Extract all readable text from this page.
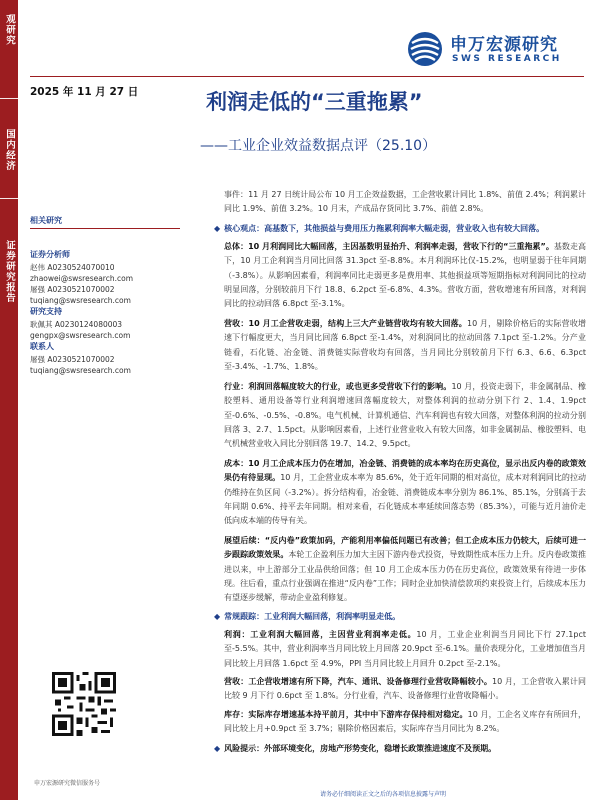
观研究
国内经济
证券研究报告
申万宏源研究
SWS RESEARCH
2025 年 11 月 27 日	利润走低的“三重拖累”
——工业企业效益数据点评（25.10）
相关研究
证券分析师
赵伟 A0230524070010
zhaowei@swsresearch.com
屠强 A0230521070002
tuqiang@swsresearch.com
研究支持
耿佩其 A0230124080003
gengpx@swsresearch.com
联系人
屠强 A0230521070002
tuqiang@swsresearch.com
申万宏源研究微信服务号
事件：11 月 27 日统计局公布 10 月工企效益数据，工企营收累计同比 1.8%、前值 2.4%；利润累计同比 1.9%、前值 3.2%。10 月末，产成品存货同比 3.7%、前值 2.8%。
◆ 核心观点：高基数下，其他损益与费用压力拖累利润率大幅走弱，营业收入也有较大回落。
总体：10 月利润同比大幅回落，主因基数明显抬升、利润率走弱，营收下行的“三重拖累”。基数走高下，10 月工企利润当月同比回落 31.3pct 至-8.8%。本月利润环比仅-15.2%，也明显弱于往年同期（-3.8%）。从影响因素看，利润率同比走弱更多是费用率、其他损益项等短期指标对利润同比的拉动明显回落，分别较前月下行 18.8、6.2pct 至-6.8%、4.3%。营收方面，营收增速有所回落，对利润同比的拉动回落 6.8pct 至-3.1%。
营收：10 月工企营收走弱，结构上三大产业链营收均有较大回落。10 月，剔除价格后的实际营收增速下行幅度更大，当月同比回落 6.8pct 至-1.4%，对利润同比的拉动回落 7.1pct 至-1.2%。分产业链看，石化链、冶金链、消费链实际营收均有回落，当月同比分别较前月下行 6.3、6.6、6.3pct 至-3.4%、-1.7%、1.8%。
行业：利润回落幅度较大的行业，或也更多受营收下行的影响。10 月，投资走弱下，非金属制品、橡胶塑料、通用设备等行业利润增速回落幅度较大，对整体利润的拉动分别下行 2、1.4、1.9pct 至-0.6%、-0.5%、-0.8%。电气机械、计算机通信、汽车利润也有较大回落，对整体利润的拉动分别回落 3、2.7、1.5pct。从影响因素看，上述行业营业收入有较大回落，如非金属制品、橡胶塑料、电气机械营业收入同比分别回落 19.7、14.2、9.5pct。
成本：10 月工企成本压力仍在增加，冶金链、消费链的成本率均在历史高位，显示出反内卷的政策效果仍有待显现。10 月，工企营业成本率为 85.6%，处于近年同期的相对高位，成本对利润同比的拉动仍维持在负区间（-3.2%）。拆分结构看，冶金链、消费链成本率分别为 86.1%、85.1%，分别高于去年同期 0.6%、持平去年同期。相对来看，石化链成本率延续回落态势（85.3%），可能与近月油价走低向成本端的传导有关。
展望后续：“反内卷”政策加码，产能利用率偏低问题已有改善；但工企成本压力仍较大，后续可进一步跟踪政策效果。本轮工企盈利压力加大主因下游内卷式投资，导致期性成本压力上升。反内卷政策推进以来，中上游部分工业品供给回落；但 10 月工企成本压力仍在历史高位，政策效果有待进一步体现。往后看，重点行业强调在推进“反内卷”工作；同时企业加快清偿款项约束投资上行，后续成本压力有望逐步缓解，带动企业盈利修复。
◆ 常规跟踪：工业利润大幅回落，利润率明显走低。
利润：工业利润大幅回落，主因营业利润率走低。10 月，工业企业利润当月同比下行 27.1pct 至-5.5%。其中，营业利润率当月同比较上月回落 20.9pct 至-6.1%。量价表现分化，工业增加值当月同比较上月回落 1.6pct 至 4.9%，PPI 当月同比较上月回升 0.2pct 至-2.1%。
营收：工企营收增速有所下降，汽车、通讯、设备修理行业营收降幅较小。10 月，工企营收入累计同比较 9 月下行 0.6pct 至 1.8%。分行业看，汽车、设备修理行业营收降幅小。
库存：实际库存增速基本持平前月，其中中下游库存保持相对稳定。10 月，工企名义库存有所回升，同比较上月+0.9pct 至 3.7%；剔除价格因素后，实际库存当月同比为 8.2%。
◆ 风险提示：外部环境变化，房地产形势变化，稳增长政策推进速度不及预期。
请务必仔细阅读正文之后的各项信息披露与声明
